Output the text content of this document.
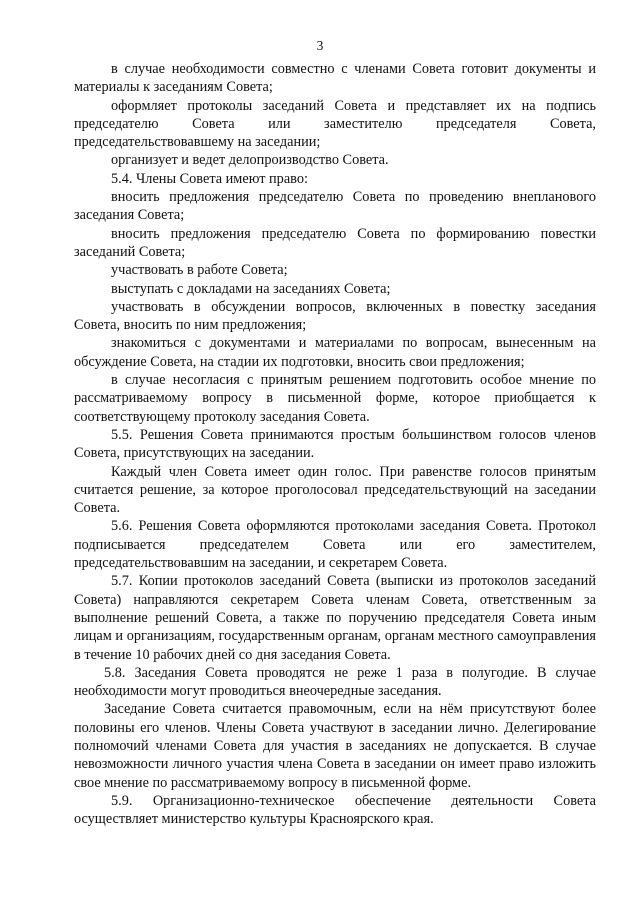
3

в случае необходимости совместно с членами Совета готовит документы и материалы к заседаниям Совета;

оформляет протоколы заседаний Совета и представляет их на подпись председателю Совета или заместителю председателя Совета, председательствовавшему на заседании;

организует и ведет делопроизводство Совета.

5.4. Члены Совета имеют право:

вносить предложения председателю Совета по проведению внепланового заседания Совета;

вносить предложения председателю Совета по формированию повестки заседаний Совета;

участвовать в работе Совета;

выступать с докладами на заседаниях Совета;

участвовать в обсуждении вопросов, включенных в повестку заседания Совета, вносить по ним предложения;

знакомиться с документами и материалами по вопросам, вынесенным на обсуждение Совета, на стадии их подготовки, вносить свои предложения;

в случае несогласия с принятым решением подготовить особое мнение по рассматриваемому вопросу в письменной форме, которое приобщается к соответствующему протоколу заседания Совета.

5.5. Решения Совета принимаются простым большинством голосов членов Совета, присутствующих на заседании.

Каждый член Совета имеет один голос. При равенстве голосов принятым считается решение, за которое проголосовал председательствующий на заседании Совета.

5.6. Решения Совета оформляются протоколами заседания Совета. Протокол подписывается председателем Совета или его заместителем, председательствовавшим на заседании, и секретарем Совета.

5.7. Копии протоколов заседаний Совета (выписки из протоколов заседаний Совета) направляются секретарем Совета членам Совета, ответственным за выполнение решений Совета, а также по поручению председателя Совета иным лицам и организациям, государственным органам, органам местного самоуправления в течение 10 рабочих дней со дня заседания Совета.

5.8. Заседания Совета проводятся не реже 1 раза в полугодие. В случае необходимости могут проводиться внеочередные заседания.

Заседание Совета считается правомочным, если на нём присутствуют более половины его членов. Члены Совета участвуют в заседании лично. Делегирование полномочий членами Совета для участия в заседаниях не допускается. В случае невозможности личного участия члена Совета в заседании он имеет право изложить свое мнение по рассматриваемому вопросу в письменной форме.

5.9. Организационно-техническое обеспечение деятельности Совета осуществляет министерство культуры Красноярского края.
